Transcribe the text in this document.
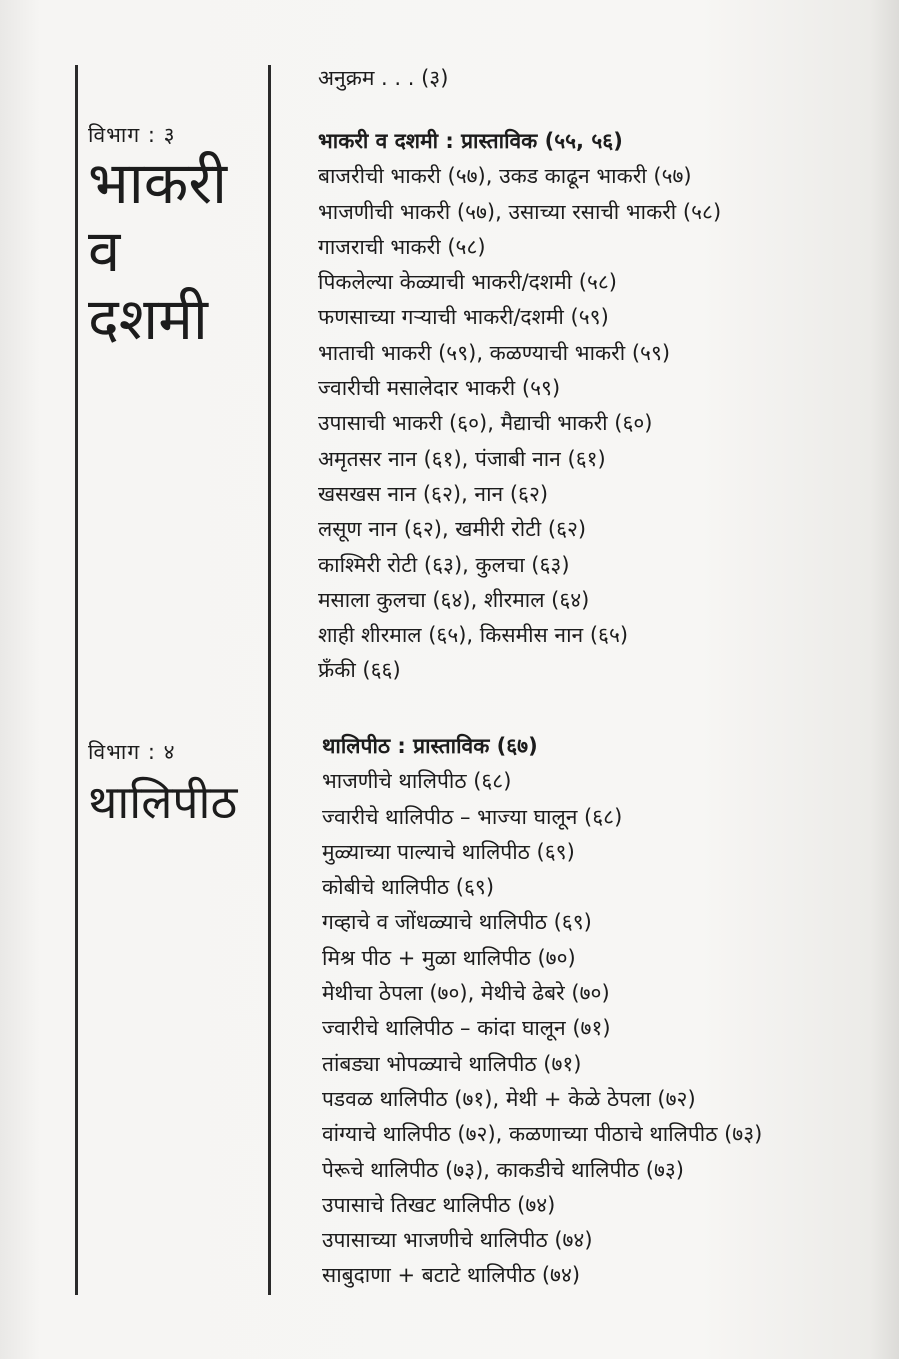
विभाग : ३
भाकरी
व
दशमी
विभाग : ४
थालिपीठ
अनुक्रम . . . (३)
भाकरी व दशमी : प्रास्ताविक (५५, ५६)
बाजरीची भाकरी (५७), उकड काढून भाकरी (५७)
भाजणीची भाकरी (५७), उसाच्या रसाची भाकरी (५८)
गाजराची भाकरी (५८)
पिकलेल्या केळ्याची भाकरी/दशमी (५८)
फणसाच्या गऱ्याची भाकरी/दशमी (५९)
भाताची भाकरी (५९), कळण्याची भाकरी (५९)
ज्वारीची मसालेदार भाकरी (५९)
उपासाची भाकरी (६०), मैद्याची भाकरी (६०)
अमृतसर नान (६१), पंजाबी नान (६१)
खसखस नान (६२), नान (६२)
लसूण नान (६२), खमीरी रोटी (६२)
काश्मिरी रोटी (६३), कुलचा (६३)
मसाला कुलचा (६४), शीरमाल (६४)
शाही शीरमाल (६५), किसमीस नान (६५)
फ्रँकी (६६)
थालिपीठ : प्रास्ताविक (६७)
भाजणीचे थालिपीठ (६८)
ज्वारीचे थालिपीठ – भाज्या घालून (६८)
मुळ्याच्या पाल्याचे थालिपीठ (६९)
कोबीचे थालिपीठ (६९)
गव्हाचे व जोंधळ्याचे थालिपीठ (६९)
मिश्र पीठ + मुळा थालिपीठ (७०)
मेथीचा ठेपला (७०), मेथीचे ढेबरे (७०)
ज्वारीचे थालिपीठ – कांदा घालून (७१)
तांबड्या भोपळ्याचे थालिपीठ (७१)
पडवळ थालिपीठ (७१), मेथी + केळे ठेपला (७२)
वांग्याचे थालिपीठ (७२), कळणाच्या पीठाचे थालिपीठ (७३)
पेरूचे थालिपीठ (७३), काकडीचे थालिपीठ (७३)
उपासाचे तिखट थालिपीठ (७४)
उपासाच्या भाजणीचे थालिपीठ (७४)
साबुदाणा + बटाटे थालिपीठ (७४)
